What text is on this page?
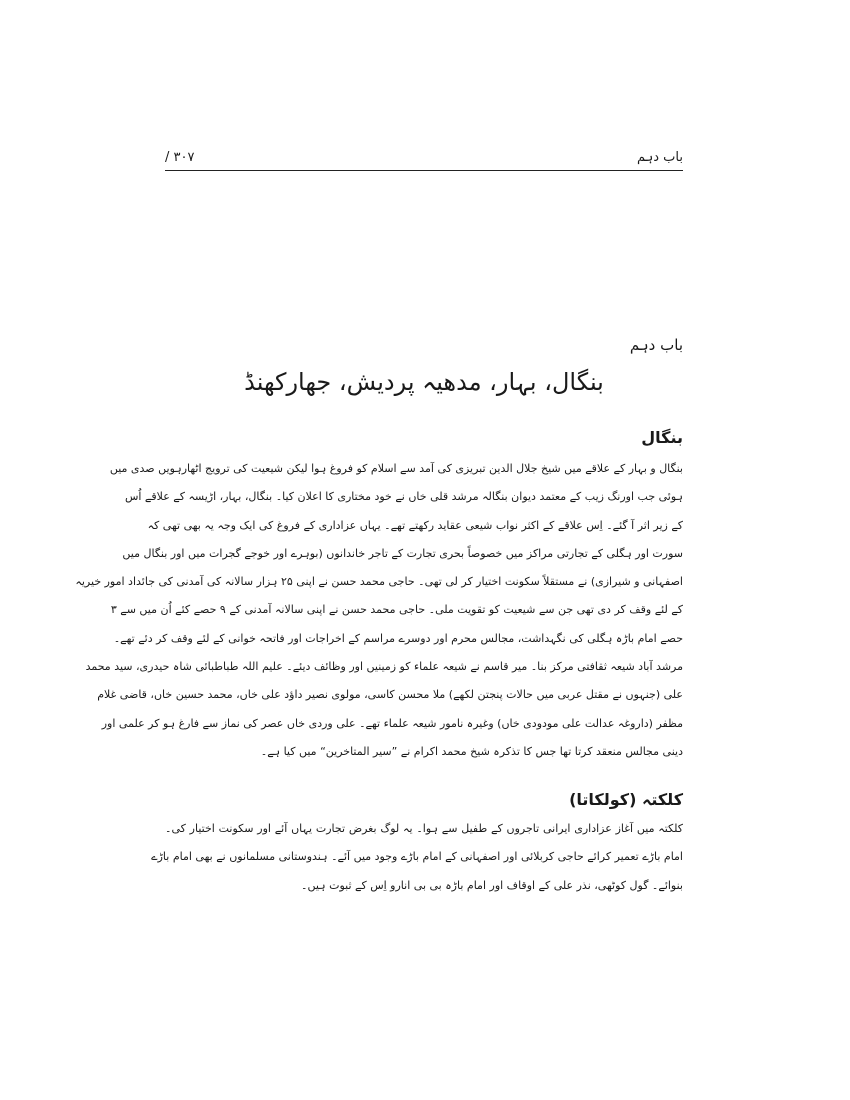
باب دہم
۳۰۷ /
باب دہم
بنگال، بہار، مدھیہ پردیش، جھارکھنڈ
بنگال
بنگال و بہار کے علاقے میں شیخ جلال الدین تبریزی کی آمد سے اسلام کو فروغ ہوا لیکن شیعیت کی ترویج اٹھارہویں صدی میں
ہوئی جب اورنگ زیب کے معتمد دیوان بنگالہ مرشد قلی خاں نے خود مختاری کا اعلان کیا۔ بنگال، بہار، اڑیسہ کے علاقے اُس
کے زیر اثر آ گئے۔ اِس علاقے کے اکثر نواب شیعی عقاید رکھتے تھے۔ یہاں عزاداری کے فروغ کی ایک وجہ یہ بھی تھی کہ
سورت اور ہگلی کے تجارتی مراکز میں خصوصاً بحری تجارت کے تاجر خاندانوں (بوہرے اور خوجے گجرات میں اور بنگال میں
اصفہانی و شیرازی) نے مستقلاً سکونت اختیار کر لی تھی۔ حاجی محمد حسن نے اپنی ۲۵ ہزار سالانہ کی آمدنی کی جائداد امور خیریہ
کے لئے وقف کر دی تھی جن سے شیعیت کو تقویت ملی۔ حاجی محمد حسن نے اپنی سالانہ آمدنی کے ۹ حصے کئے اُن میں سے ۳
حصے امام باڑہ ہگلی کی نگہداشت، مجالس محرم اور دوسرے مراسم کے اخراجات اور فاتحہ خوانی کے لئے وقف کر دئے تھے۔
مرشد آباد شیعہ ثقافتی مرکز بنا۔ میر قاسم نے شیعہ علماء کو زمینیں اور وظائف دیئے۔ علیم اللہ طباطبائی شاہ حیدری، سید محمد
علی (جنہوں نے مقتل عربی میں حالات پنجتن لکھے) ملا محسن کاسی، مولوی نصیر داؤد علی خاں، محمد حسین خاں، قاضی غلام
مظفر (داروغہ عدالت علی مودودی خاں) وغیرہ نامور شیعہ علماء تھے۔ علی وردی خاں عصر کی نماز سے فارغ ہو کر علمی اور
دینی مجالس منعقد کرتا تھا جس کا تذکرہ شیخ محمد اکرام نے ”سیر المتاخرین“ میں کیا ہے۔
کلکتہ (کولکاتا)
کلکتہ میں آغاز عزاداری ایرانی تاجروں کے طفیل سے ہوا۔ یہ لوگ بغرض تجارت یہاں آئے اور سکونت اختیار کی۔
امام باڑے تعمیر کرائے حاجی کربلائی اور اصفہانی کے امام باڑے وجود میں آئے۔ ہندوستانی مسلمانوں نے بھی امام باڑے
بنوائے۔ گول کوٹھی، نذر علی کے اوقاف اور امام باڑہ بی بی انارو اِس کے ثبوت ہیں۔
